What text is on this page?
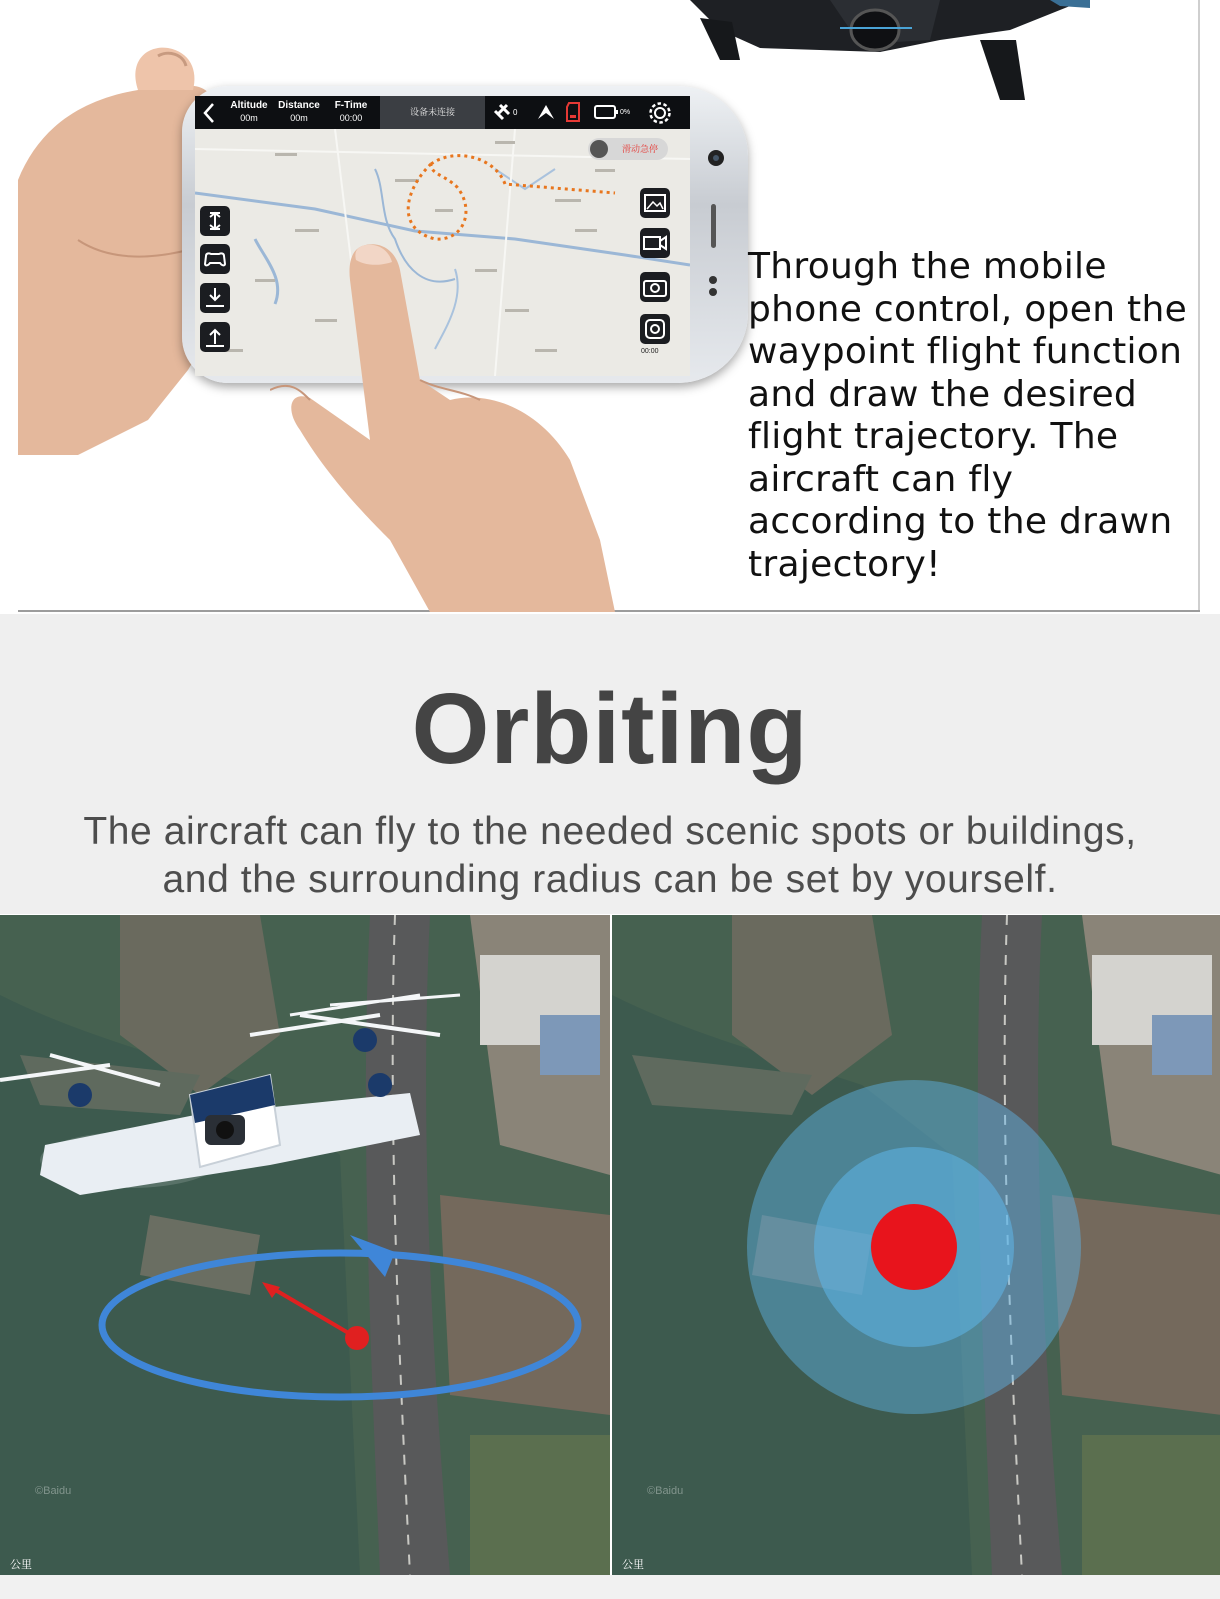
Altitude
00m
Distance
00m
F-Time
00:00
设备未连接	0	0%
滑动急停
00:00
Through the mobile phone control, open the waypoint flight function and draw the desired flight trajectory. The aircraft can fly according to the drawn trajectory!
Orbiting
The aircraft can fly to the needed scenic spots or buildings,
and the surrounding radius can be set by yourself.
公里
©Baidu
公里
©Baidu
